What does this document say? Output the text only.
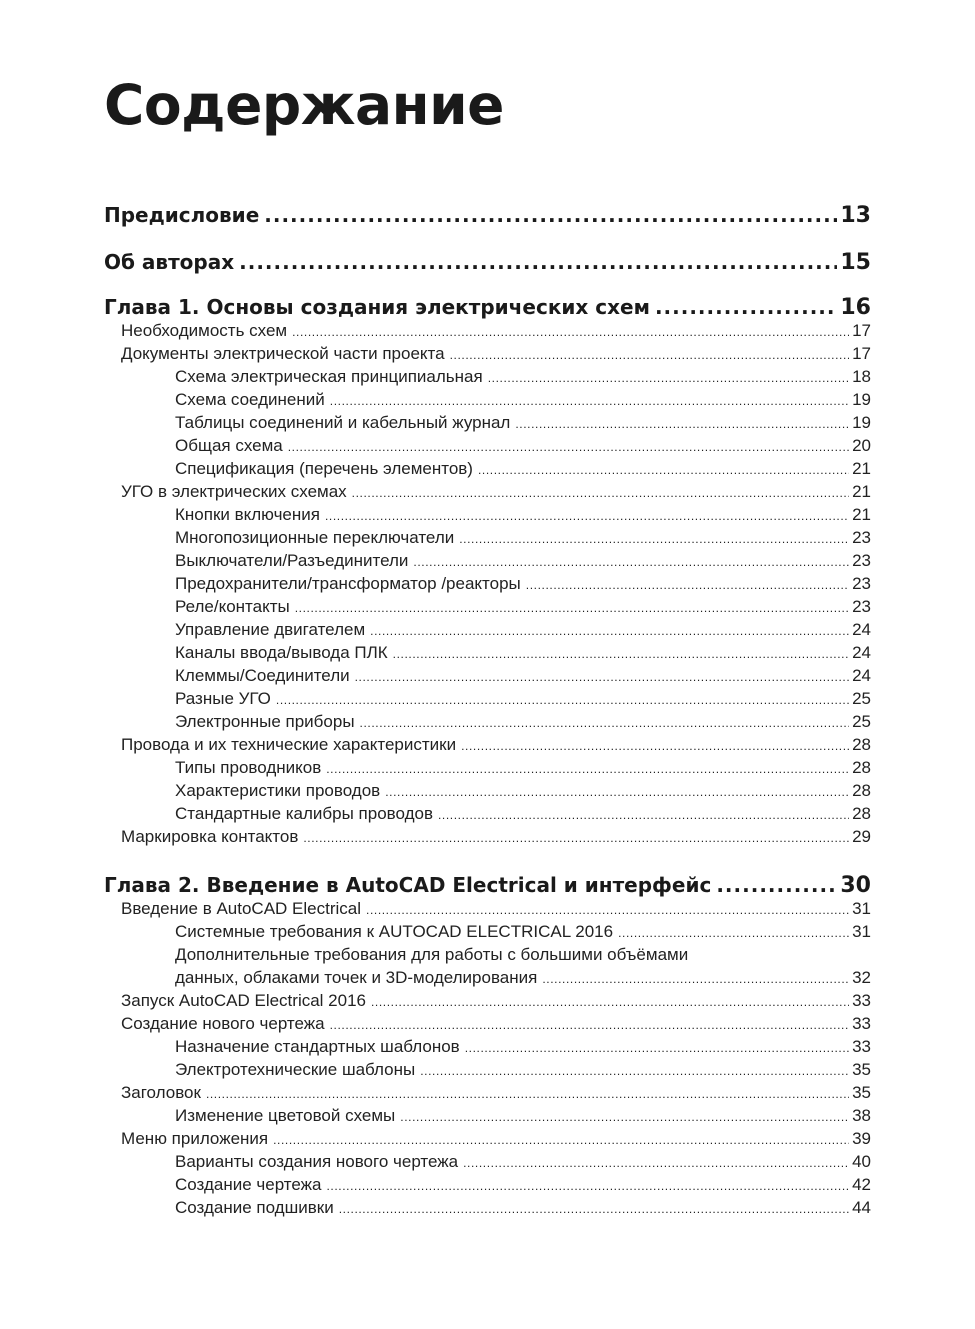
Содержание
Предисловие .....	13
Об авторах .....	15
Глава 1. Основы создания электрических схем .....	16
Необходимость схем .....	17
Документы электрической части проекта .....	17
Схема электрическая принципиальная .....	18
Схема соединений .....	19
Таблицы соединений и кабельный журнал .....	19
Общая схема .....	20
Спецификация (перечень элементов) .....	21
УГО в электрических схемах .....	21
Кнопки включения .....	21
Многопозиционные переключатели .....	23
Выключатели/Разъединители .....	23
Предохранители/трансформатор /реакторы .....	23
Реле/контакты .....	23
Управление двигателем .....	24
Каналы ввода/вывода ПЛК .....	24
Клеммы/Соединители .....	24
Разные УГО .....	25
Электронные приборы .....	25
Провода и их технические характеристики .....	28
Типы проводников .....	28
Характеристики проводов .....	28
Стандартные калибры проводов .....	28
Маркировка контактов .....	29
Глава 2. Введение в AutoCAD Electrical и интерфейс .....	30
Введение в AutoCAD Electrical .....	31
Системные требования к AUTOCAD ELECTRICAL 2016 .....	31
Дополнительные требования для работы с большими объёмами
данных, облаками точек и 3D-моделирования .....	32
Запуск AutoCAD Electrical 2016 .....	33
Создание нового чертежа .....	33
Назначение стандартных шаблонов .....	33
Электротехнические шаблоны .....	35
Заголовок .....	35
Изменение цветовой схемы .....	38
Меню приложения .....	39
Варианты создания нового чертежа .....	40
Создание чертежа .....	42
Создание подшивки .....	44
